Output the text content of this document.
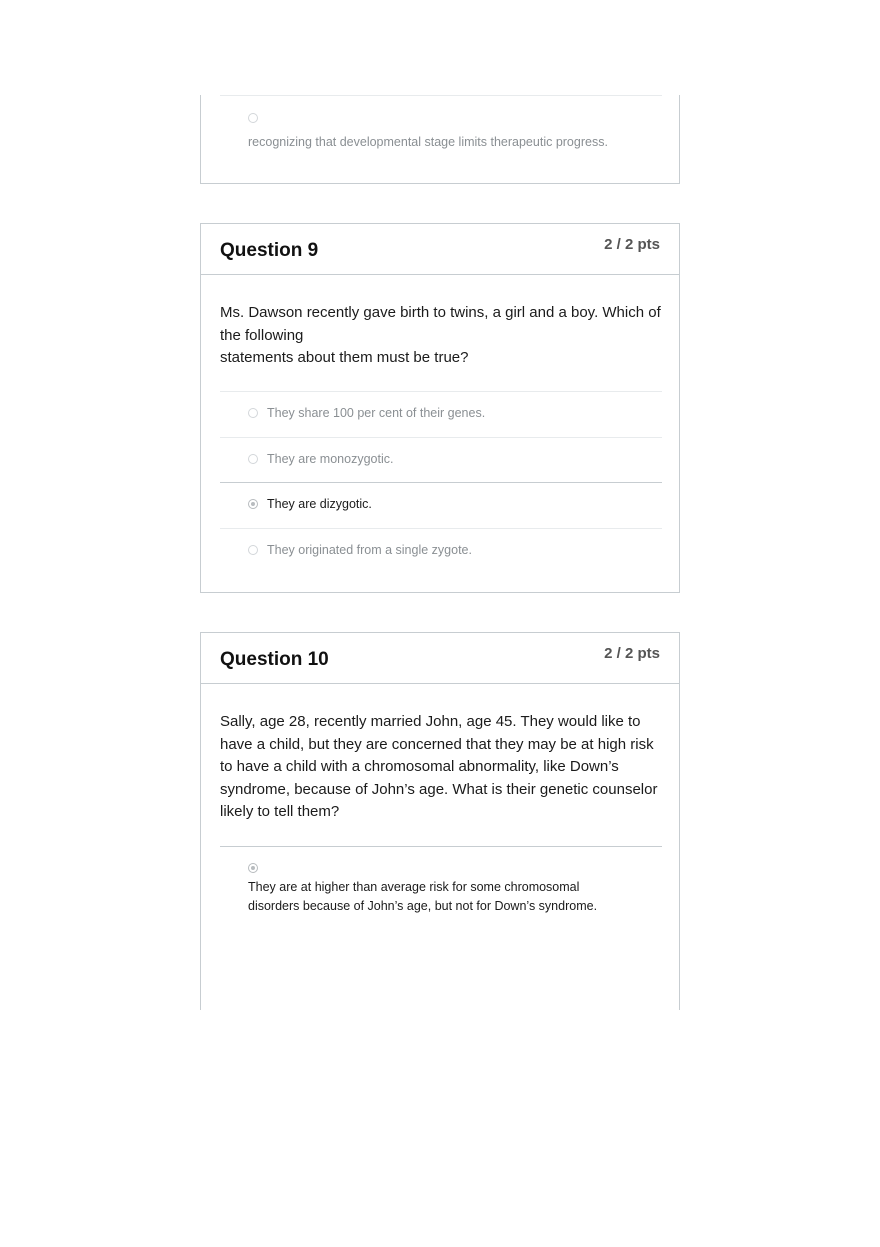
recognizing that developmental stage limits therapeutic progress.
Question 9	2 / 2 pts
Ms. Dawson recently gave birth to twins, a girl and a boy. Which of
the following
statements about them must be true?
They share 100 per cent of their genes.
They are monozygotic.
They are dizygotic.
They originated from a single zygote.
Question 10	2 / 2 pts
Sally, age 28, recently married John, age 45. They would like to
have a child, but they are concerned that they may be at high risk
to have a child with a chromosomal abnormality, like Down’s
syndrome, because of John’s age. What is their genetic counselor
likely to tell them?
They are at higher than average risk for some chromosomal
disorders because of John’s age, but not for Down’s syndrome.
